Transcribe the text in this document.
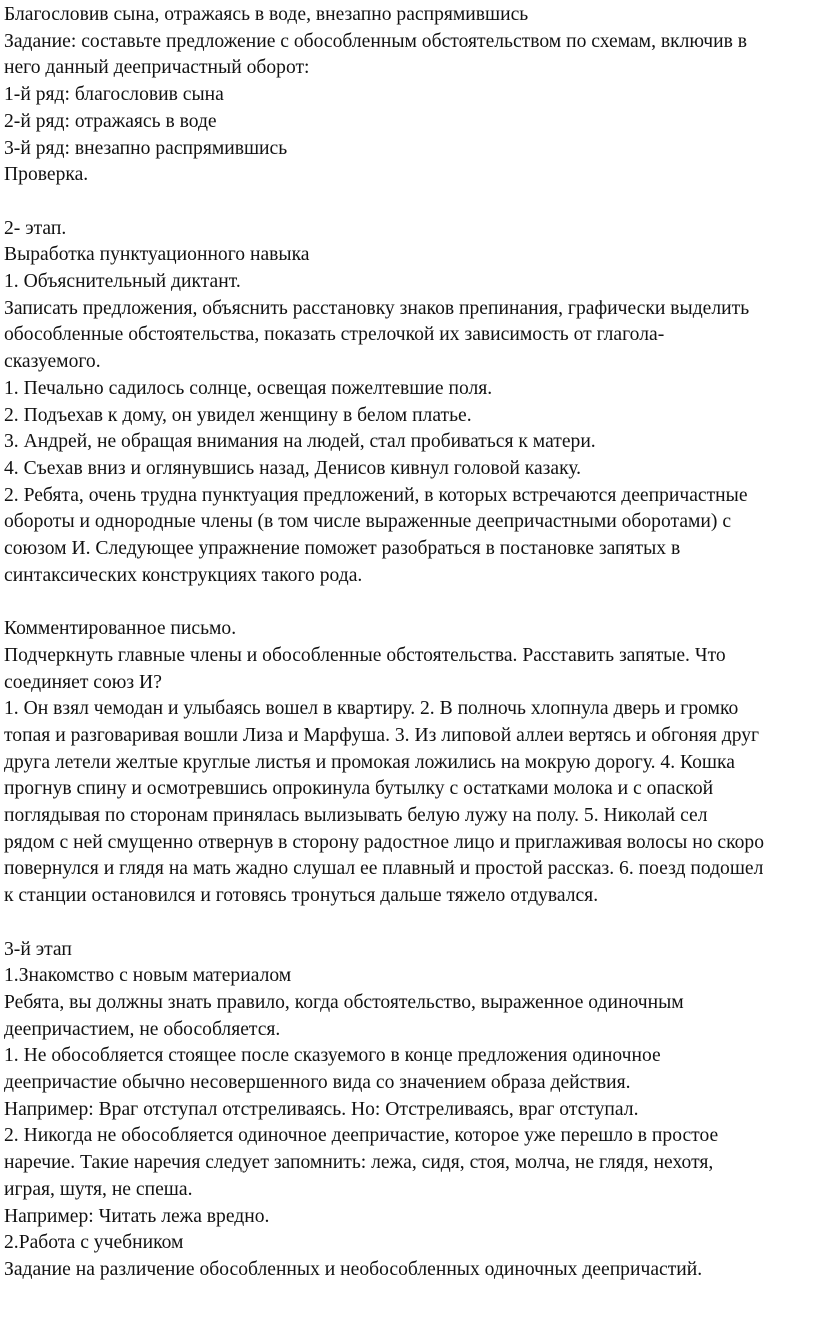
Благословив сына, отражаясь в воде, внезапно распрямившись
Задание: составьте предложение с обособленным обстоятельством по схемам, включив в
него данный деепричастный оборот:
1-й ряд: благословив сына
2-й ряд: отражаясь в воде
3-й ряд: внезапно распрямившись
Проверка.
2- этап.
Выработка пунктуационного навыка
1. Объяснительный диктант.
Записать предложения, объяснить расстановку знаков препинания, графически выделить
обособленные обстоятельства, показать стрелочкой их зависимость от глагола-
сказуемого.
1. Печально садилось солнце, освещая пожелтевшие поля.
2. Подъехав к дому, он увидел женщину в белом платье.
3. Андрей, не обращая внимания на людей, стал пробиваться к матери.
4. Съехав вниз и оглянувшись назад, Денисов кивнул головой казаку.
2. Ребята, очень трудна пунктуация предложений, в которых встречаются деепричастные
обороты и однородные члены (в том числе выраженные деепричастными оборотами) с
союзом И. Следующее упражнение поможет разобраться в постановке запятых в
синтаксических конструкциях такого рода.
Комментированное письмо.
Подчеркнуть главные члены и обособленные обстоятельства. Расставить запятые. Что
соединяет союз И?
1. Он взял чемодан и улыбаясь вошел в квартиру. 2. В полночь хлопнула дверь и громко
топая и разговаривая вошли Лиза и Марфуша. 3. Из липовой аллеи вертясь и обгоняя друг
друга летели желтые круглые листья и промокая ложились на мокрую дорогу. 4. Кошка
прогнув спину и осмотревшись опрокинула бутылку с остатками молока и с опаской
поглядывая по сторонам принялась вылизывать белую лужу на полу. 5. Николай сел
рядом с ней смущенно отвернув в сторону радостное лицо и приглаживая волосы но скоро
повернулся и глядя на мать жадно слушал ее плавный и простой рассказ. 6. поезд подошел
к станции остановился и готовясь тронуться дальше тяжело отдувался.
3-й этап
1.Знакомство с новым материалом
Ребята, вы должны знать правило, когда обстоятельство, выраженное одиночным
деепричастием, не обособляется.
1. Не обособляется стоящее после сказуемого в конце предложения одиночное
деепричастие обычно несовершенного вида со значением образа действия.
Например: Враг отступал отстреливаясь. Но: Отстреливаясь, враг отступал.
2. Никогда не обособляется одиночное деепричастие, которое уже перешло в простое
наречие. Такие наречия следует запомнить: лежа, сидя, стоя, молча, не глядя, нехотя,
играя, шутя, не спеша.
Например: Читать лежа вредно.
2.Работа с учебником
Задание на различение обособленных и необособленных одиночных деепричастий.
